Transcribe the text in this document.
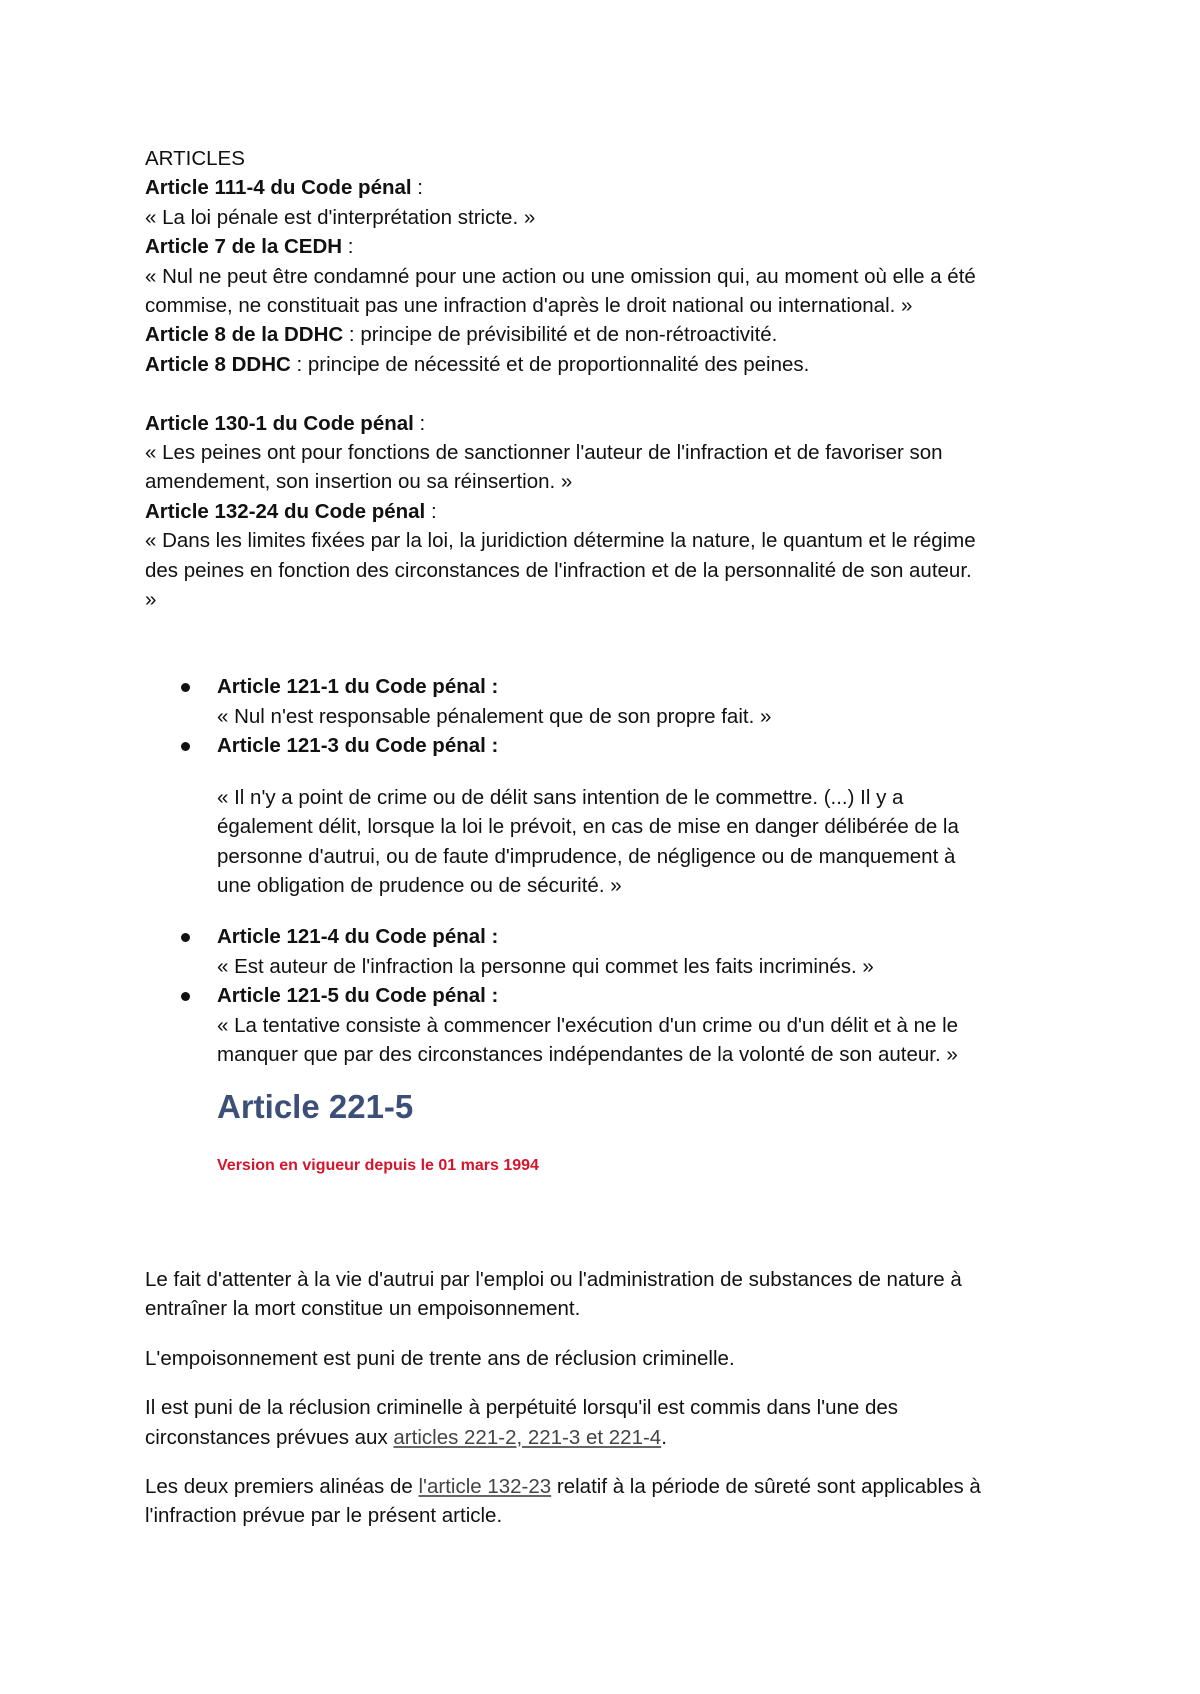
ARTICLES
Article 111-4 du Code pénal :
« La loi pénale est d'interprétation stricte. »
Article 7 de la CEDH :
« Nul ne peut être condamné pour une action ou une omission qui, au moment où elle a été
commise, ne constituait pas une infraction d'après le droit national ou international. »
Article 8 de la DDHC : principe de prévisibilité et de non-rétroactivité.
Article 8 DDHC : principe de nécessité et de proportionnalité des peines.
Article 130-1 du Code pénal :
« Les peines ont pour fonctions de sanctionner l'auteur de l'infraction et de favoriser son
amendement, son insertion ou sa réinsertion. »
Article 132-24 du Code pénal :
« Dans les limites fixées par la loi, la juridiction détermine la nature, le quantum et le régime
des peines en fonction des circonstances de l'infraction et de la personnalité de son auteur.
»
Article 121-1 du Code pénal :
« Nul n'est responsable pénalement que de son propre fait. »
Article 121-3 du Code pénal :
« Il n'y a point de crime ou de délit sans intention de le commettre. (...) Il y a
également délit, lorsque la loi le prévoit, en cas de mise en danger délibérée de la
personne d'autrui, ou de faute d'imprudence, de négligence ou de manquement à
une obligation de prudence ou de sécurité. »
Article 121-4 du Code pénal :
« Est auteur de l'infraction la personne qui commet les faits incriminés. »
Article 121-5 du Code pénal :
« La tentative consiste à commencer l'exécution d'un crime ou d'un délit et à ne le
manquer que par des circonstances indépendantes de la volonté de son auteur. »
Article 221-5
Version en vigueur depuis le 01 mars 1994

Le fait d'attenter à la vie d'autrui par l'emploi ou l'administration de substances de nature à
entraîner la mort constitue un empoisonnement.

L'empoisonnement est puni de trente ans de réclusion criminelle.

Il est puni de la réclusion criminelle à perpétuité lorsqu'il est commis dans l'une des
circonstances prévues aux articles 221-2, 221-3 et 221-4.

Les deux premiers alinéas de l'article 132-23 relatif à la période de sûreté sont applicables à
l'infraction prévue par le présent article.
